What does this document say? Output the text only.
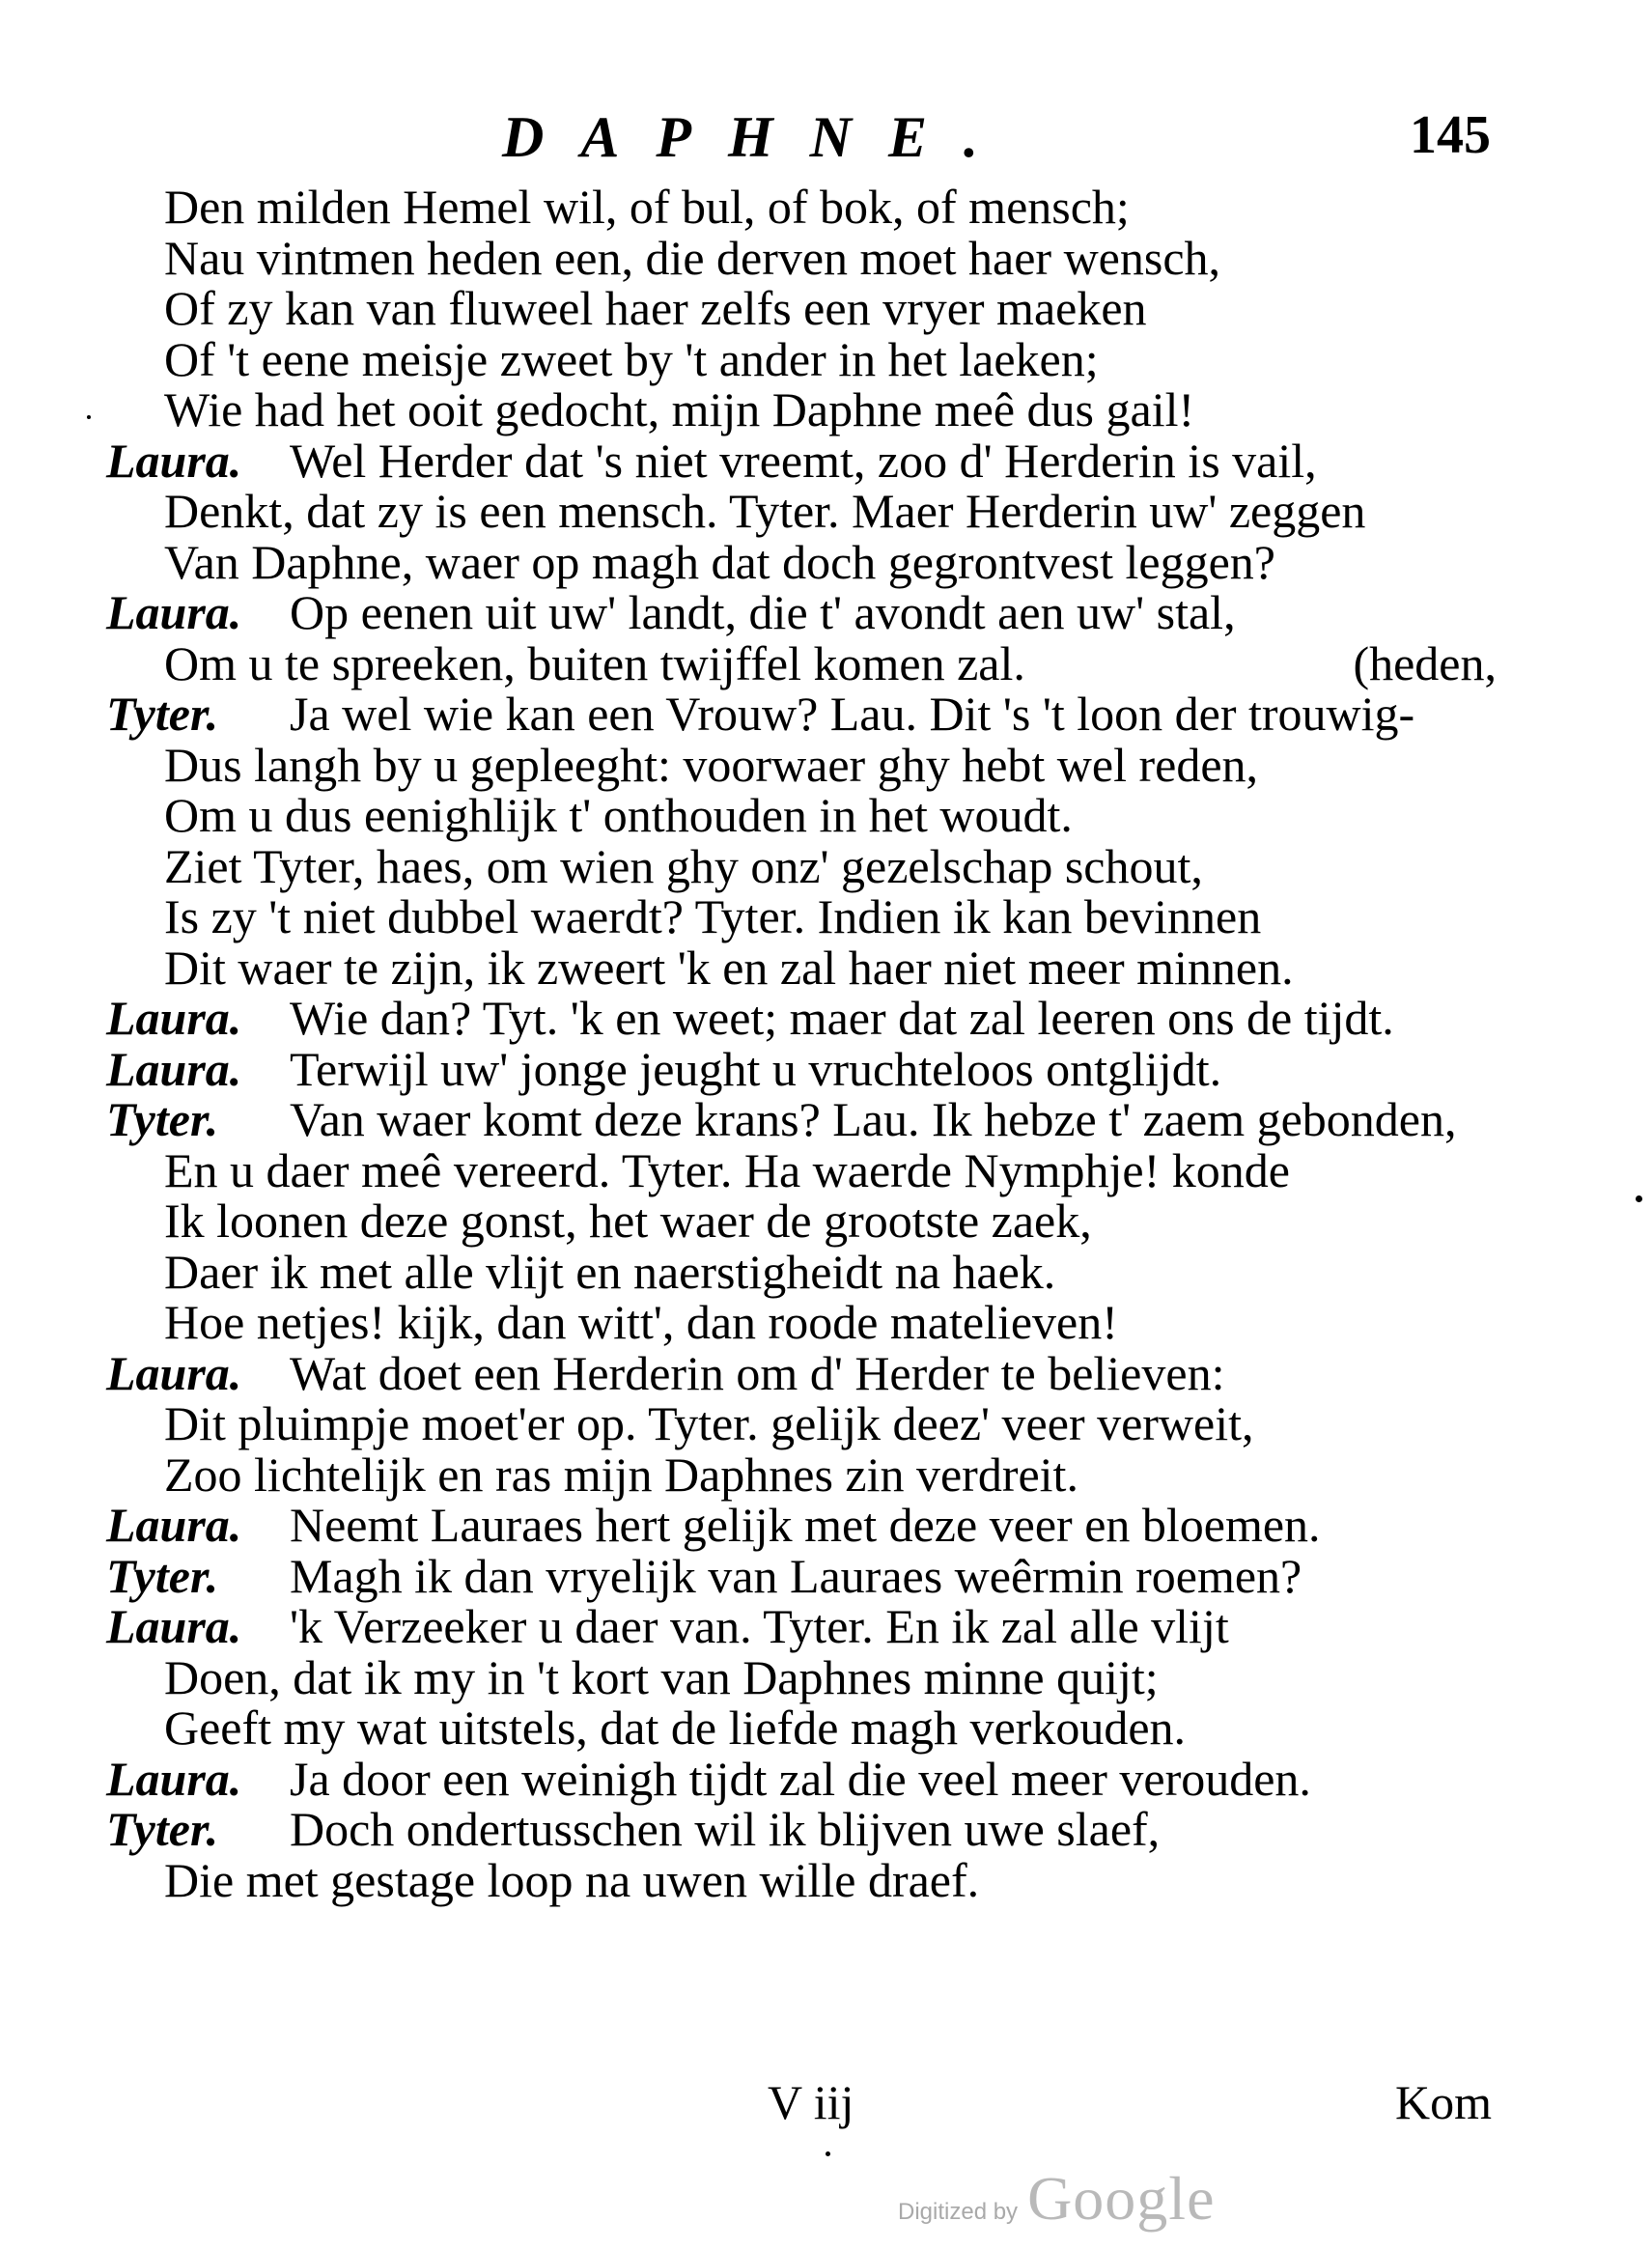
DAPHNE.	145
Den milden Hemel wil, of bul, of bok, of mensch;
Nau vintmen heden een, die derven moet haer wensch,
Of zy kan van fluweel haer zelfs een vryer maeken
Of 't eene meisje zweet by 't ander in het laeken;
Wie had het ooit gedocht, mijn Daphne meê dus gail!
Laura. Wel Herder dat 's niet vreemt, zoo d' Herderin is vail,
Denkt, dat zy is een mensch. Tyter. Maer Herderin uw' zeggen
Van Daphne, waer op magh dat doch gegrontvest leggen?
Laura. Op eenen uit uw' landt, die t' avondt aen uw' stal,
Om u te spreeken, buiten twijffel komen zal.	(heden,
Tyter. Ja wel wie kan een Vrouw? Lau. Dit 's 't loon der trouwig-
Dus langh by u gepleeght: voorwaer ghy hebt wel reden,
Om u dus eenighlijk t' onthouden in het woudt.
Ziet Tyter, haes, om wien ghy onz' gezelschap schout,
Is zy 't niet dubbel waerdt? Tyter. Indien ik kan bevinnen
Dit waer te zijn, ik zweert 'k en zal haer niet meer minnen.
Laura. Wie dan? Tyt. 'k en weet; maer dat zal leeren ons de tijdt.
Laura. Terwijl uw' jonge jeught u vruchteloos ontglijdt.
Tyter. Van waer komt deze krans? Lau. Ik hebze t' zaem gebonden,
En u daer meê vereerd. Tyter. Ha waerde Nymphje! konde
Ik loonen deze gonst, het waer de grootste zaek,
Daer ik met alle vlijt en naerstigheidt na haek.
Hoe netjes! kijk, dan witt', dan roode matelieven!
Laura. Wat doet een Herderin om d' Herder te believen:
Dit pluimpje moet'er op. Tyter. gelijk deez' veer verweit,
Zoo lichtelijk en ras mijn Daphnes zin verdreit.
Laura. Neemt Lauraes hert gelijk met deze veer en bloemen.
Tyter. Magh ik dan vryelijk van Lauraes weêrmin roemen?
Laura. 'k Verzeeker u daer van. Tyter. En ik zal alle vlijt
Doen, dat ik my in 't kort van Daphnes minne quijt;
Geeft my wat uitstels, dat de liefde magh verkouden.
Laura. Ja door een weinigh tijdt zal die veel meer verouden.
Tyter. Doch ondertusschen wil ik blijven uwe slaef,
Die met gestage loop na uwen wille draef.
V iij	Kom
Digitized by Google
